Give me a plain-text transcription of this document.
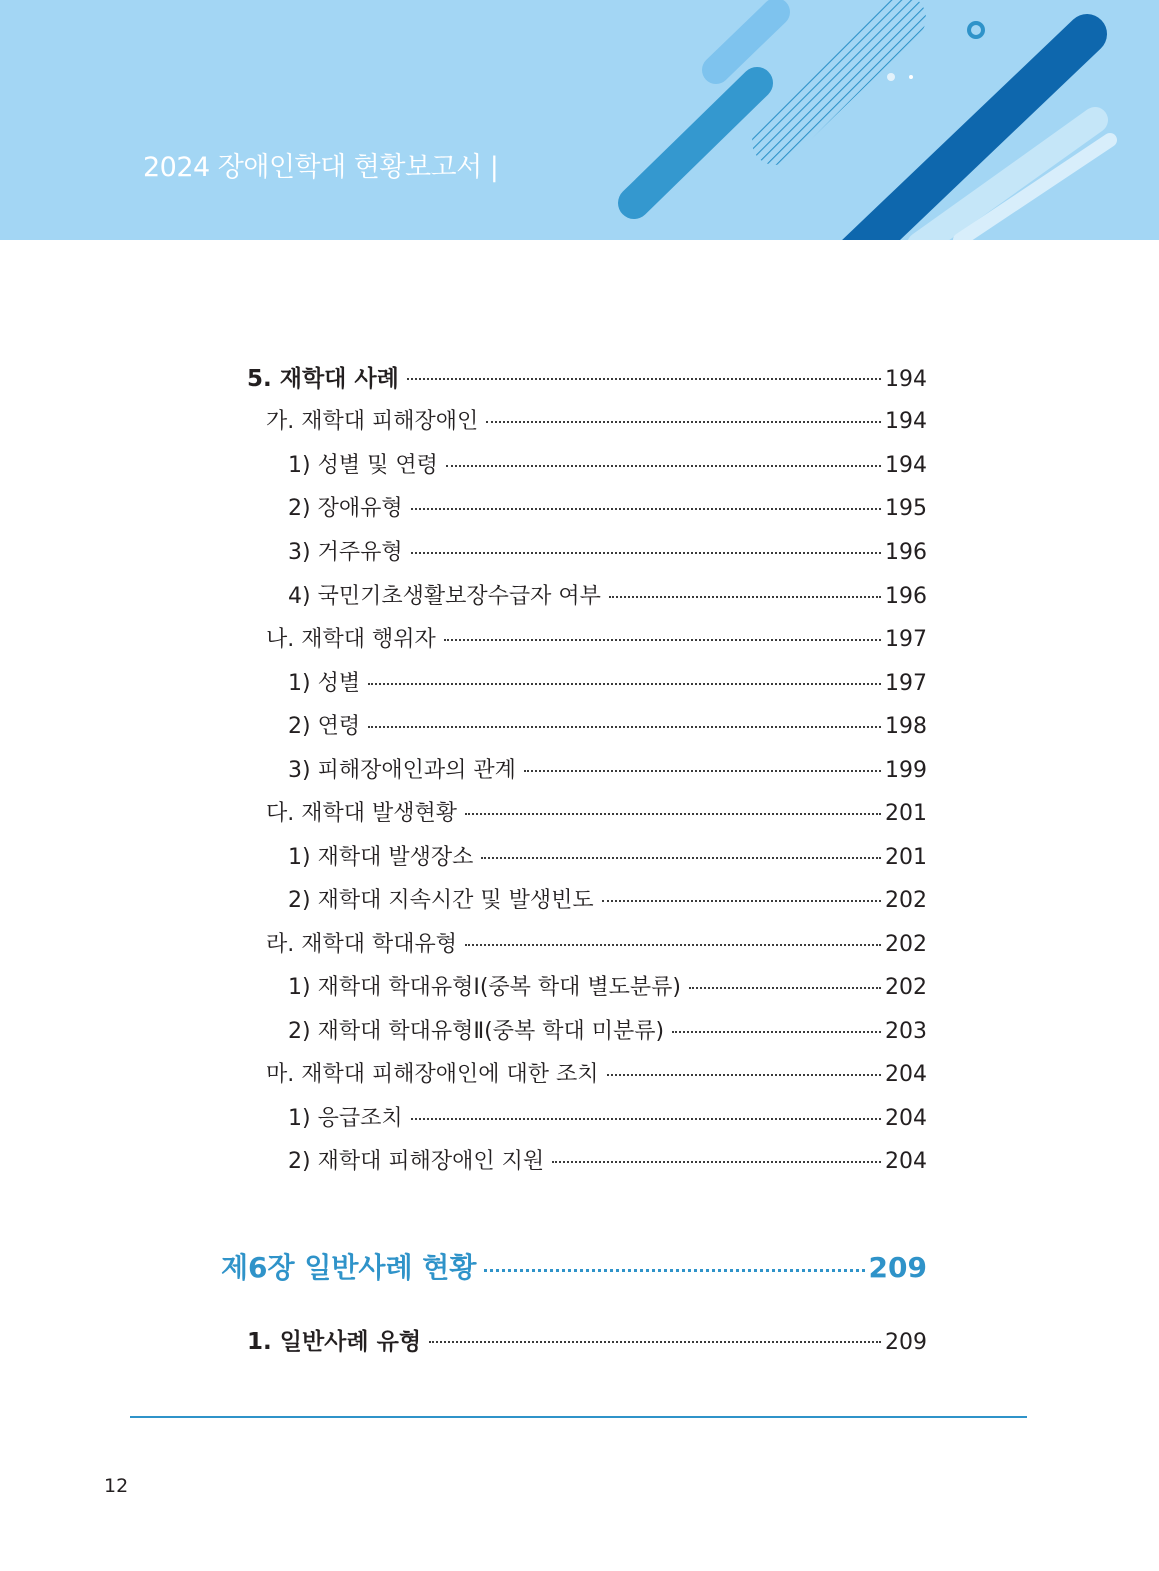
2024 장애인학대 현황보고서 |
5. 재학대 사례	194
가. 재학대 피해장애인	194
1) 성별 및 연령	194
2) 장애유형	195
3) 거주유형	196
4) 국민기초생활보장수급자 여부	196
나. 재학대 행위자	197
1) 성별	197
2) 연령	198
3) 피해장애인과의 관계	199
다. 재학대 발생현황	201
1) 재학대 발생장소	201
2) 재학대 지속시간 및 발생빈도	202
라. 재학대 학대유형	202
1) 재학대 학대유형Ⅰ(중복 학대 별도분류)	202
2) 재학대 학대유형Ⅱ(중복 학대 미분류)	203
마. 재학대 피해장애인에 대한 조치	204
1) 응급조치	204
2) 재학대 피해장애인 지원	204
제6장 일반사례 현황	209
1. 일반사례 유형	209
12
